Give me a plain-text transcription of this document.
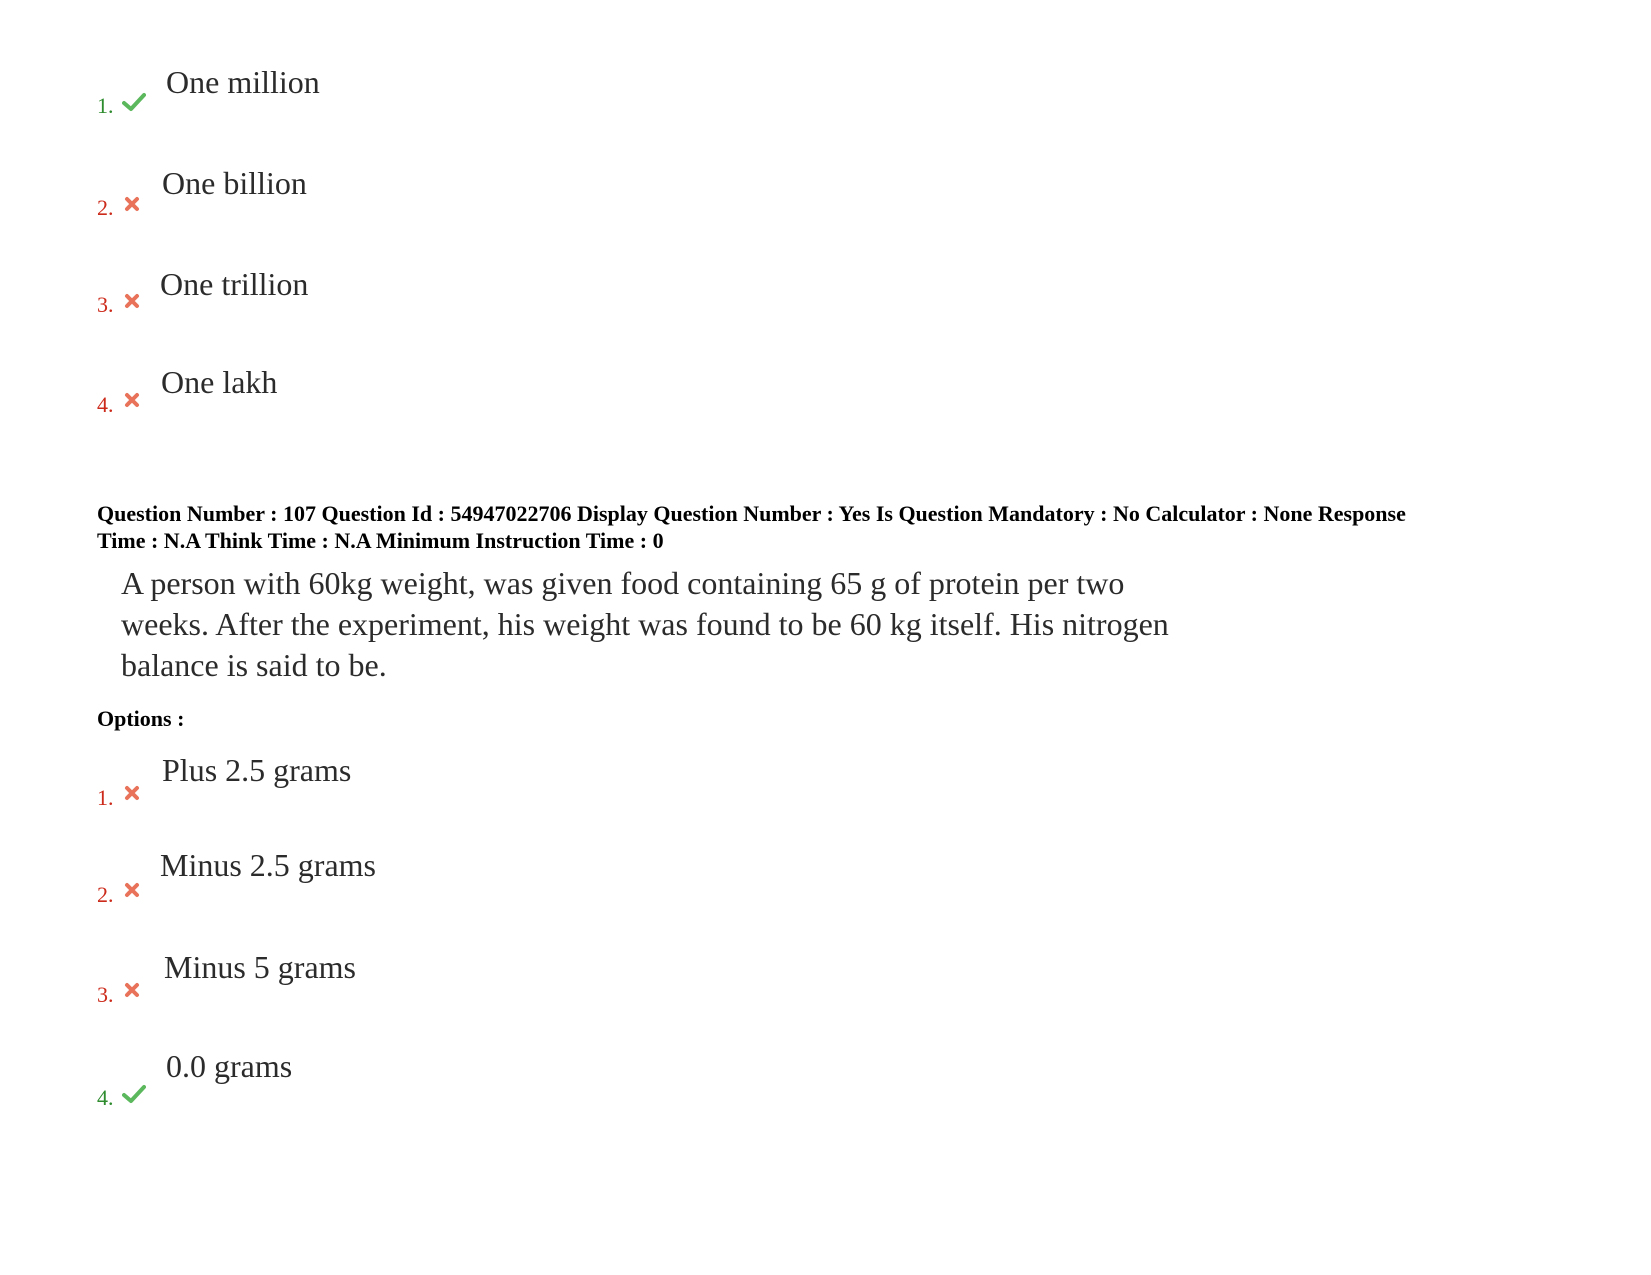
1.
One million
2.
One billion
3.
One trillion
4.
One lakh
Question Number : 107 Question Id : 54947022706 Display Question Number : Yes Is Question Mandatory : No Calculator : None Response
Time : N.A Think Time : N.A Minimum Instruction Time : 0
A person with 60kg weight, was given food containing 65 g of protein per two
weeks. After the experiment, his weight was found to be 60 kg itself. His nitrogen
balance is said to be.
Options :
1.
Plus 2.5 grams
2.
Minus 2.5 grams
3.
Minus 5 grams
4.
0.0 grams
